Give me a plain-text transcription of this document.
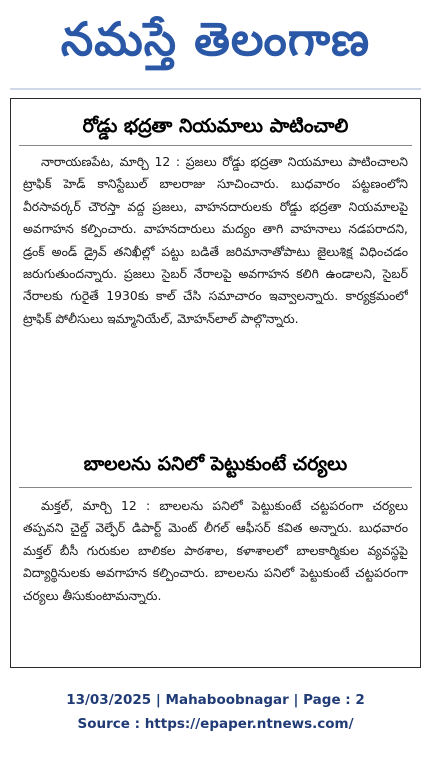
నమస్తే తెలంగాణ
రోడ్డు భద్రతా నియమాలు పాటించాలి
నారాయణపేట, మార్చి 12 : ప్రజలు రోడ్డు భద్రతా నియమాలు పాటించాలని ట్రాఫిక్ హెడ్ కానిస్టేబుల్ బాలరాజు సూచించారు. బుధవారం పట్టణంలోని వీరసావర్కర్ చౌరస్తా వద్ద ప్రజలు, వాహనదారులకు రోడ్డు భద్రతా నియమాలపై అవగాహన కల్పించారు. వాహనదారులు మద్యం తాగి వాహనాలు నడపరాదని, డ్రంక్ అండ్ డ్రైవ్ తనిఖీల్లో పట్టు బడితే జరిమానాతోపాటు జైలుశిక్ష విధించడం జరుగుతుందన్నారు. ప్రజలు సైబర్ నేరాలపై అవగాహన కలిగి ఉండాలని, సైబర్ నేరాలకు గురైతే 1930కు కాల్ చేసి సమాచారం ఇవ్వాలన్నారు. కార్యక్రమంలో ట్రాఫిక్ పోలీసులు ఇమ్మానియేల్, మోహన్‌లాల్ పాల్గొన్నారు.
బాలలను పనిలో పెట్టుకుంటే చర్యలు
మక్తల్, మార్చి 12 : బాలలను పనిలో పెట్టుకుంటే చట్టపరంగా చర్యలు తప్పవని చైల్డ్ వెల్ఫేర్ డిపార్ట్ మెంట్ లీగల్ ఆఫీసర్ కవిత అన్నారు. బుధవారం మక్తల్ బీసీ గురుకుల బాలికల పాఠశాల, కళాశాలలో బాలకార్మికుల వ్యవస్థపై విద్యార్థినులకు అవగాహన కల్పించారు. బాలలను పనిలో పెట్టుకుంటే చట్టపరంగా చర్యలు తీసుకుంటామన్నారు.
13/03/2025 | Mahaboobnagar | Page : 2
Source : https://epaper.ntnews.com/
